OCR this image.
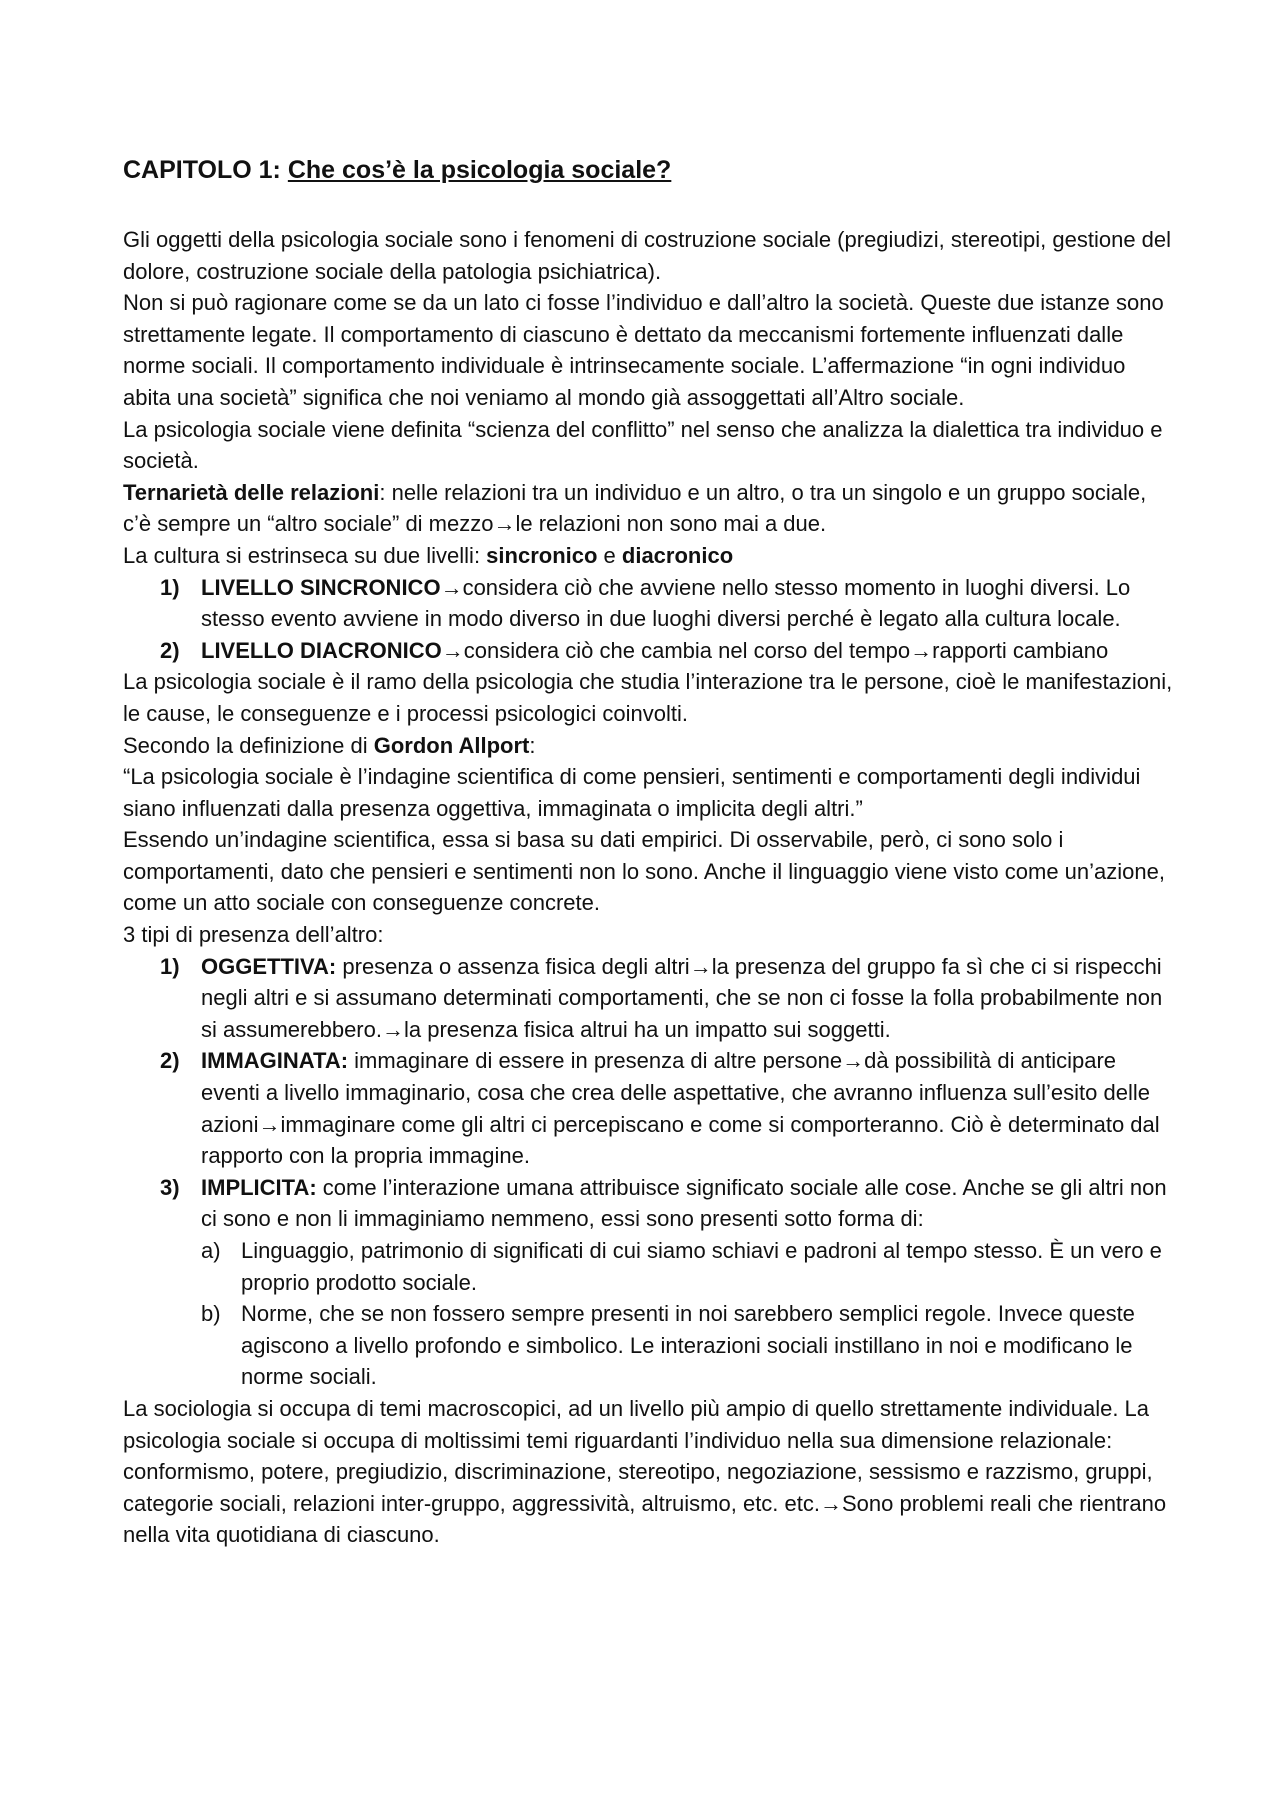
CAPITOLO 1: Che cos’è la psicologia sociale?

Gli oggetti della psicologia sociale sono i fenomeni di costruzione sociale (pregiudizi, stereotipi, gestione del dolore, costruzione sociale della patologia psichiatrica).

Non si può ragionare come se da un lato ci fosse l’individuo e dall’altro la società. Queste due istanze sono strettamente legate. Il comportamento di ciascuno è dettato da meccanismi fortemente influenzati dalle norme sociali. Il comportamento individuale è intrinsecamente sociale. L’affermazione “in ogni individuo abita una società” significa che noi veniamo al mondo già assoggettati all’Altro sociale.

La psicologia sociale viene definita “scienza del conflitto” nel senso che analizza la dialettica tra individuo e società.

Ternarietà delle relazioni: nelle relazioni tra un individuo e un altro, o tra un singolo e un gruppo sociale, c’è sempre un “altro sociale” di mezzo→le relazioni non sono mai a due.

La cultura si estrinseca su due livelli: sincronico e diacronico

1) LIVELLO SINCRONICO→considera ciò che avviene nello stesso momento in luoghi diversi. Lo stesso evento avviene in modo diverso in due luoghi diversi perché è legato alla cultura locale.
2) LIVELLO DIACRONICO→considera ciò che cambia nel corso del tempo→rapporti cambiano

La psicologia sociale è il ramo della psicologia che studia l’interazione tra le persone, cioè le manifestazioni, le cause, le conseguenze e i processi psicologici coinvolti.

Secondo la definizione di Gordon Allport:

“La psicologia sociale è l’indagine scientifica di come pensieri, sentimenti e comportamenti degli individui siano influenzati dalla presenza oggettiva, immaginata o implicita degli altri.”

Essendo un’indagine scientifica, essa si basa su dati empirici. Di osservabile, però, ci sono solo i comportamenti, dato che pensieri e sentimenti non lo sono. Anche il linguaggio viene visto come un’azione, come un atto sociale con conseguenze concrete.

3 tipi di presenza dell’altro:

1) OGGETTIVA: presenza o assenza fisica degli altri→la presenza del gruppo fa sì che ci si rispecchi negli altri e si assumano determinati comportamenti, che se non ci fosse la folla probabilmente non si assumerebbero.→la presenza fisica altrui ha un impatto sui soggetti.
2) IMMAGINATA: immaginare di essere in presenza di altre persone→dà possibilità di anticipare eventi a livello immaginario, cosa che crea delle aspettative, che avranno influenza sull’esito delle azioni→immaginare come gli altri ci percepiscano e come si comporteranno. Ciò è determinato dal rapporto con la propria immagine.
3) IMPLICITA: come l’interazione umana attribuisce significato sociale alle cose. Anche se gli altri non ci sono e non li immaginiamo nemmeno, essi sono presenti sotto forma di:
a) Linguaggio, patrimonio di significati di cui siamo schiavi e padroni al tempo stesso. È un vero e proprio prodotto sociale.
b) Norme, che se non fossero sempre presenti in noi sarebbero semplici regole. Invece queste agiscono a livello profondo e simbolico. Le interazioni sociali instillano in noi e modificano le norme sociali.

La sociologia si occupa di temi macroscopici, ad un livello più ampio di quello strettamente individuale. La psicologia sociale si occupa di moltissimi temi riguardanti l’individuo nella sua dimensione relazionale: conformismo, potere, pregiudizio, discriminazione, stereotipo, negoziazione, sessismo e razzismo, gruppi, categorie sociali, relazioni inter-gruppo, aggressività, altruismo, etc. etc.→Sono problemi reali che rientrano nella vita quotidiana di ciascuno.
